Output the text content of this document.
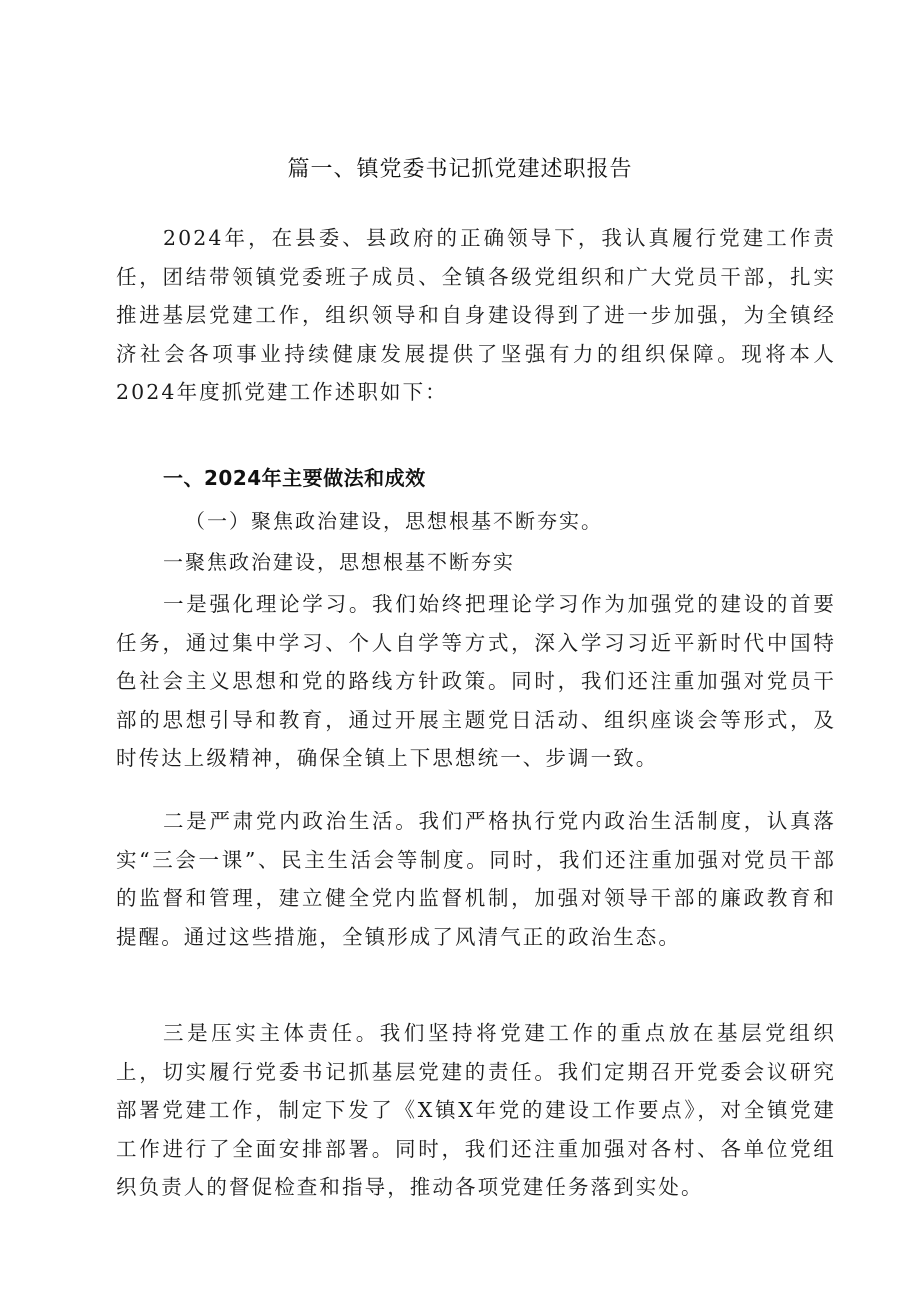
篇一、镇党委书记抓党建述职报告

2024年，在县委、县政府的正确领导下，我认真履行党建工作责任，团结带领镇党委班子成员、全镇各级党组织和广大党员干部，扎实推进基层党建工作，组织领导和自身建设得到了进一步加强，为全镇经济社会各项事业持续健康发展提供了坚强有力的组织保障。现将本人2024年度抓党建工作述职如下：

一、2024年主要做法和成效

（一）聚焦政治建设，思想根基不断夯实。

一聚焦政治建设，思想根基不断夯实

一是强化理论学习。我们始终把理论学习作为加强党的建设的首要任务，通过集中学习、个人自学等方式，深入学习习近平新时代中国特色社会主义思想和党的路线方针政策。同时，我们还注重加强对党员干部的思想引导和教育，通过开展主题党日活动、组织座谈会等形式，及时传达上级精神，确保全镇上下思想统一、步调一致。

二是严肃党内政治生活。我们严格执行党内政治生活制度，认真落实“三会一课”、民主生活会等制度。同时，我们还注重加强对党员干部的监督和管理，建立健全党内监督机制，加强对领导干部的廉政教育和提醒。通过这些措施，全镇形成了风清气正的政治生态。

三是压实主体责任。我们坚持将党建工作的重点放在基层党组织上，切实履行党委书记抓基层党建的责任。我们定期召开党委会议研究部署党建工作，制定下发了《X镇X年党的建设工作要点》，对全镇党建工作进行了全面安排部署。同时，我们还注重加强对各村、各单位党组织负责人的督促检查和指导，推动各项党建任务落到实处。
